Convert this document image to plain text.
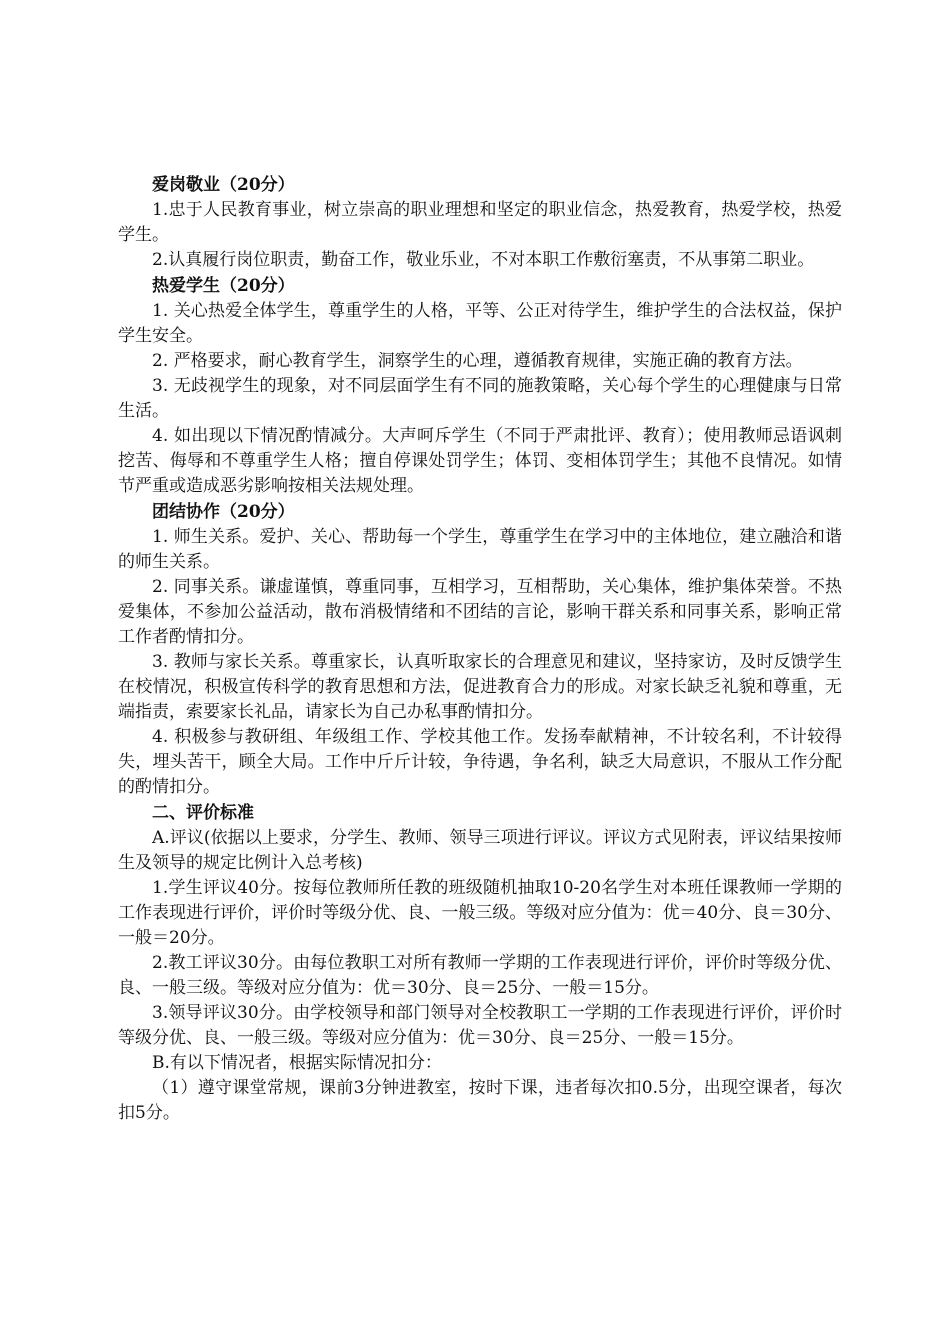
爱岗敬业（20分）

1.忠于人民教育事业，树立崇高的职业理想和坚定的职业信念，热爱教育，热爱学校，热爱学生。

2.认真履行岗位职责，勤奋工作，敬业乐业，不对本职工作敷衍塞责，不从事第二职业。

热爱学生（20分）

1. 关心热爱全体学生，尊重学生的人格，平等、公正对待学生，维护学生的合法权益，保护学生安全。

2. 严格要求，耐心教育学生，洞察学生的心理，遵循教育规律，实施正确的教育方法。

3. 无歧视学生的现象，对不同层面学生有不同的施教策略，关心每个学生的心理健康与日常生活。

4. 如出现以下情况酌情减分。大声呵斥学生（不同于严肃批评、教育）；使用教师忌语讽刺挖苦、侮辱和不尊重学生人格；擅自停课处罚学生；体罚、变相体罚学生；其他不良情况。如情节严重或造成恶劣影响按相关法规处理。

团结协作（20分）

1. 师生关系。爱护、关心、帮助每一个学生，尊重学生在学习中的主体地位，建立融洽和谐的师生关系。

2. 同事关系。谦虚谨慎，尊重同事，互相学习，互相帮助，关心集体，维护集体荣誉。不热爱集体，不参加公益活动，散布消极情绪和不团结的言论，影响干群关系和同事关系，影响正常工作者酌情扣分。

3. 教师与家长关系。尊重家长，认真听取家长的合理意见和建议，坚持家访，及时反馈学生在校情况，积极宣传科学的教育思想和方法，促进教育合力的形成。对家长缺乏礼貌和尊重，无端指责，索要家长礼品，请家长为自己办私事酌情扣分。

4. 积极参与教研组、年级组工作、学校其他工作。发扬奉献精神，不计较名利，不计较得失，埋头苦干，顾全大局。工作中斤斤计较，争待遇，争名利，缺乏大局意识，不服从工作分配的酌情扣分。

二、评价标准

A.评议(依据以上要求，分学生、教师、领导三项进行评议。评议方式见附表，评议结果按师生及领导的规定比例计入总考核)

1.学生评议40分。按每位教师所任教的班级随机抽取10-20名学生对本班任课教师一学期的工作表现进行评价，评价时等级分优、良、一般三级。等级对应分值为：优＝40分、良＝30分、一般＝20分。

2.教工评议30分。由每位教职工对所有教师一学期的工作表现进行评价，评价时等级分优、良、一般三级。等级对应分值为：优＝30分、良＝25分、一般＝15分。

3.领导评议30分。由学校领导和部门领导对全校教职工一学期的工作表现进行评价，评价时等级分优、良、一般三级。等级对应分值为：优＝30分、良＝25分、一般＝15分。

B.有以下情况者，根据实际情况扣分：

（1）遵守课堂常规，课前3分钟进教室，按时下课，违者每次扣0.5分，出现空课者，每次扣5分。
